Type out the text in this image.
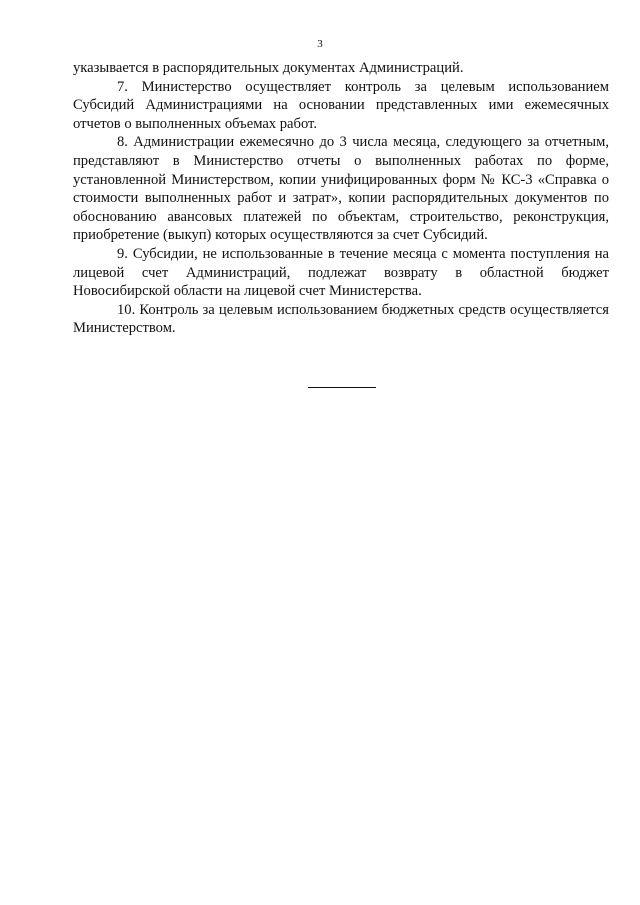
3

указывается в распорядительных документах Администраций.

7. Министерство осуществляет контроль за целевым использованием Субсидий Администрациями на основании представленных ими ежемесячных отчетов о выполненных объемах работ.

8. Администрации ежемесячно до 3 числа месяца, следующего за отчетным, представляют в Министерство отчеты о выполненных работах по форме, установленной Министерством, копии унифицированных форм № КС-3 «Справка о стоимости выполненных работ и затрат», копии распорядительных документов по обоснованию авансовых платежей по объектам, строительство, реконструкция, приобретение (выкуп) которых осуществляются за счет Субсидий.

9. Субсидии, не использованные в течение месяца с момента поступления на лицевой счет Администраций, подлежат возврату в областной бюджет Новосибирской области на лицевой счет Министерства.

10. Контроль за целевым использованием бюджетных средств осуществляется Министерством.
